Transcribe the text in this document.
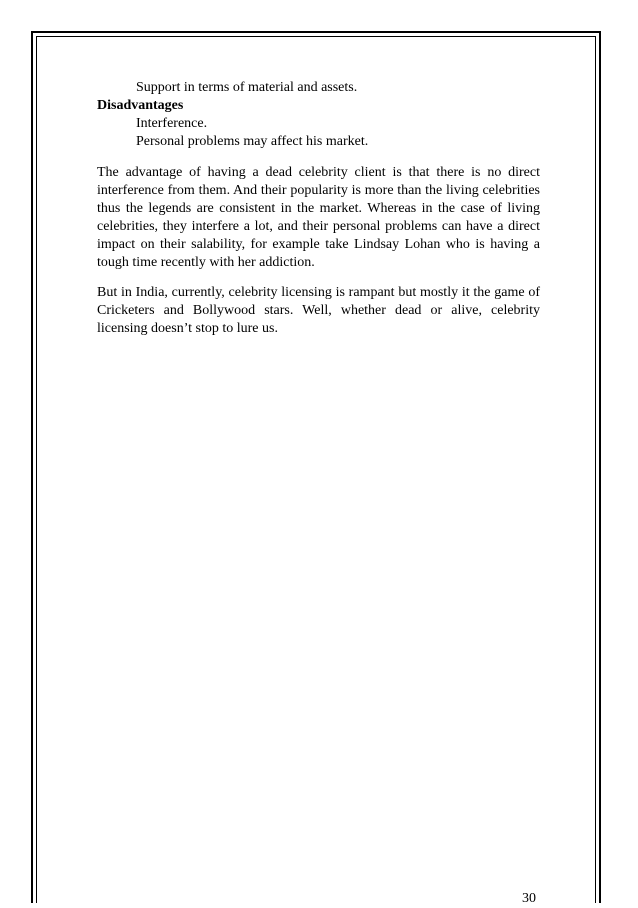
Support in terms of material and assets.
Disadvantages
Interference.
Personal problems may affect his market.

The advantage of having a dead celebrity client is that there is no direct interference from them. And their popularity is more than the living celebrities thus the legends are consistent in the market. Whereas in the case of living celebrities, they interfere a lot, and their personal problems can have a direct impact on their salability, for example take Lindsay Lohan who is having a tough time recently with her addiction.

But in India, currently, celebrity licensing is rampant but mostly it the game of Cricketers and Bollywood stars. Well, whether dead or alive, celebrity licensing doesn’t stop to lure us.

30
